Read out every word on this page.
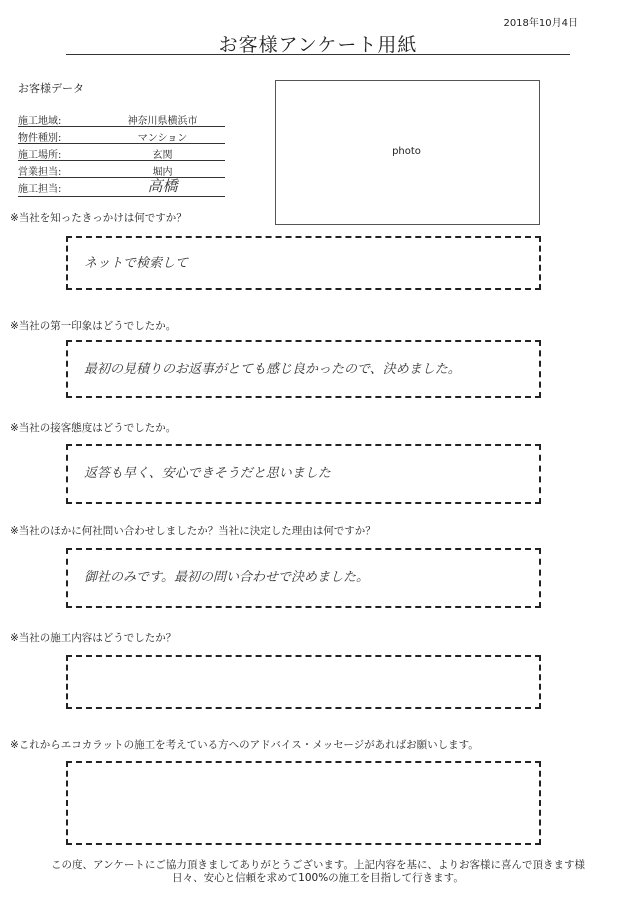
2018年10月4日
お客様アンケート用紙
お客様データ
施工地域:	神奈川県横浜市
物件種別:	マンション
施工場所:	玄関
営業担当:	堀内
施工担当:	高橋
photo
※当社を知ったきっかけは何ですか？
ネットで検索して
※当社の第一印象はどうでしたか。
最初の見積りのお返事がとても感じ良かったので、決めました。
※当社の接客態度はどうでしたか。
返答も早く、安心できそうだと思いました
※当社のほかに何社問い合わせしましたか？当社に決定した理由は何ですか？
御社のみです。最初の問い合わせで決めました。
※当社の施工内容はどうでしたか？
※これからエコカラットの施工を考えている方へのアドバイス・メッセージがあればお願いします。
この度、アンケートにご協力頂きましてありがとうございます。上記内容を基に、よりお客様に喜んで頂きます様
日々、安心と信頼を求めて100%の施工を目指して行きます。
